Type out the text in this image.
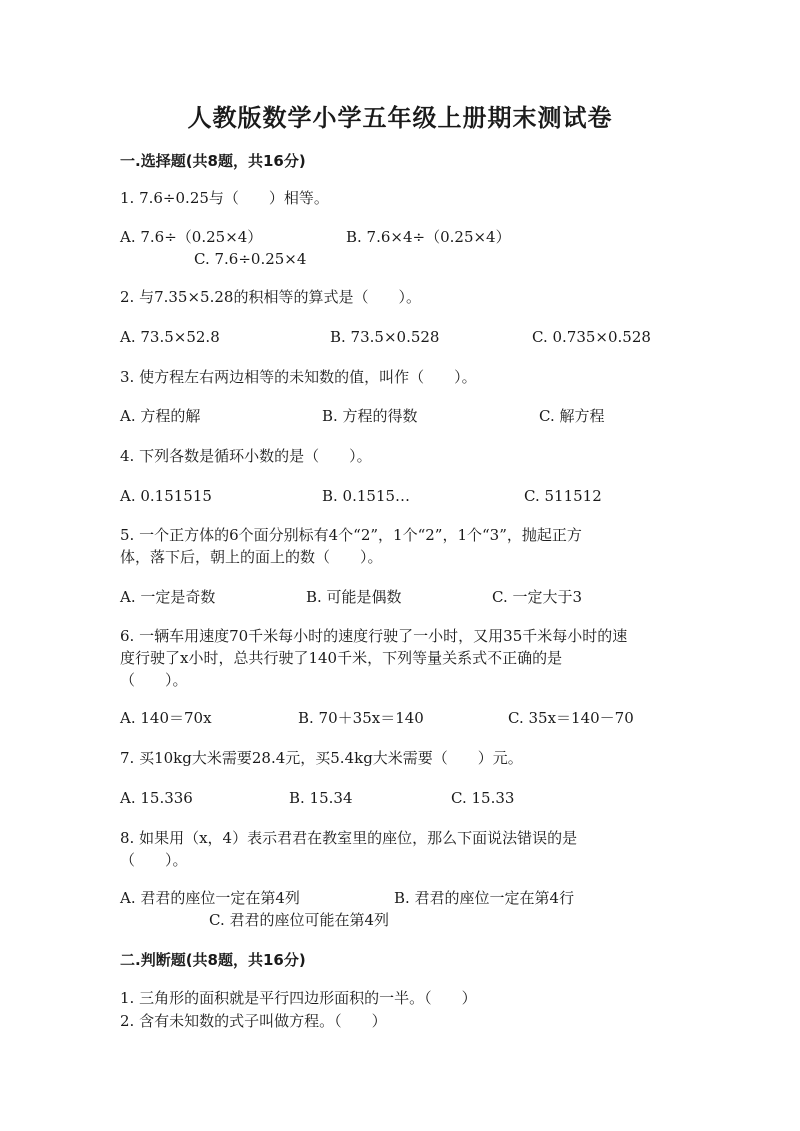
人教版数学小学五年级上册期末测试卷
一.选择题(共8题，共16分)
1. 7.6÷0.25与（　　）相等。
A. 7.6÷（0.25×4）	B. 7.6×4÷（0.25×4）
C. 7.6÷0.25×4
2. 与7.35×5.28的积相等的算式是（　　）。
A. 73.5×52.8	B. 73.5×0.528	C. 0.735×0.528
3. 使方程左右两边相等的未知数的值，叫作（　　）。
A. 方程的解	B. 方程的得数	C. 解方程
4. 下列各数是循环小数的是（　　）。
A. 0.151515	B. 0.1515…	C. 511512
5. 一个正方体的6个面分别标有4个“2”，1个“2”，1个“3”，抛起正方
体，落下后，朝上的面上的数（　　）。
A. 一定是奇数	B. 可能是偶数	C. 一定大于3
6. 一辆车用速度70千米每小时的速度行驶了一小时，又用35千米每小时的速
度行驶了x小时，总共行驶了140千米，下列等量关系式不正确的是
（　　）。
A. 140＝70x	B. 70＋35x＝140	C. 35x＝140－70
7. 买10kg大米需要28.4元，买5.4kg大米需要（　　）元。
A. 15.336	B. 15.34	C. 15.33
8. 如果用（x，4）表示君君在教室里的座位，那么下面说法错误的是
（　　）。
A. 君君的座位一定在第4列	B. 君君的座位一定在第4行
C. 君君的座位可能在第4列
二.判断题(共8题，共16分)
1. 三角形的面积就是平行四边形面积的一半。（　　）
2. 含有未知数的式子叫做方程。（　　）
